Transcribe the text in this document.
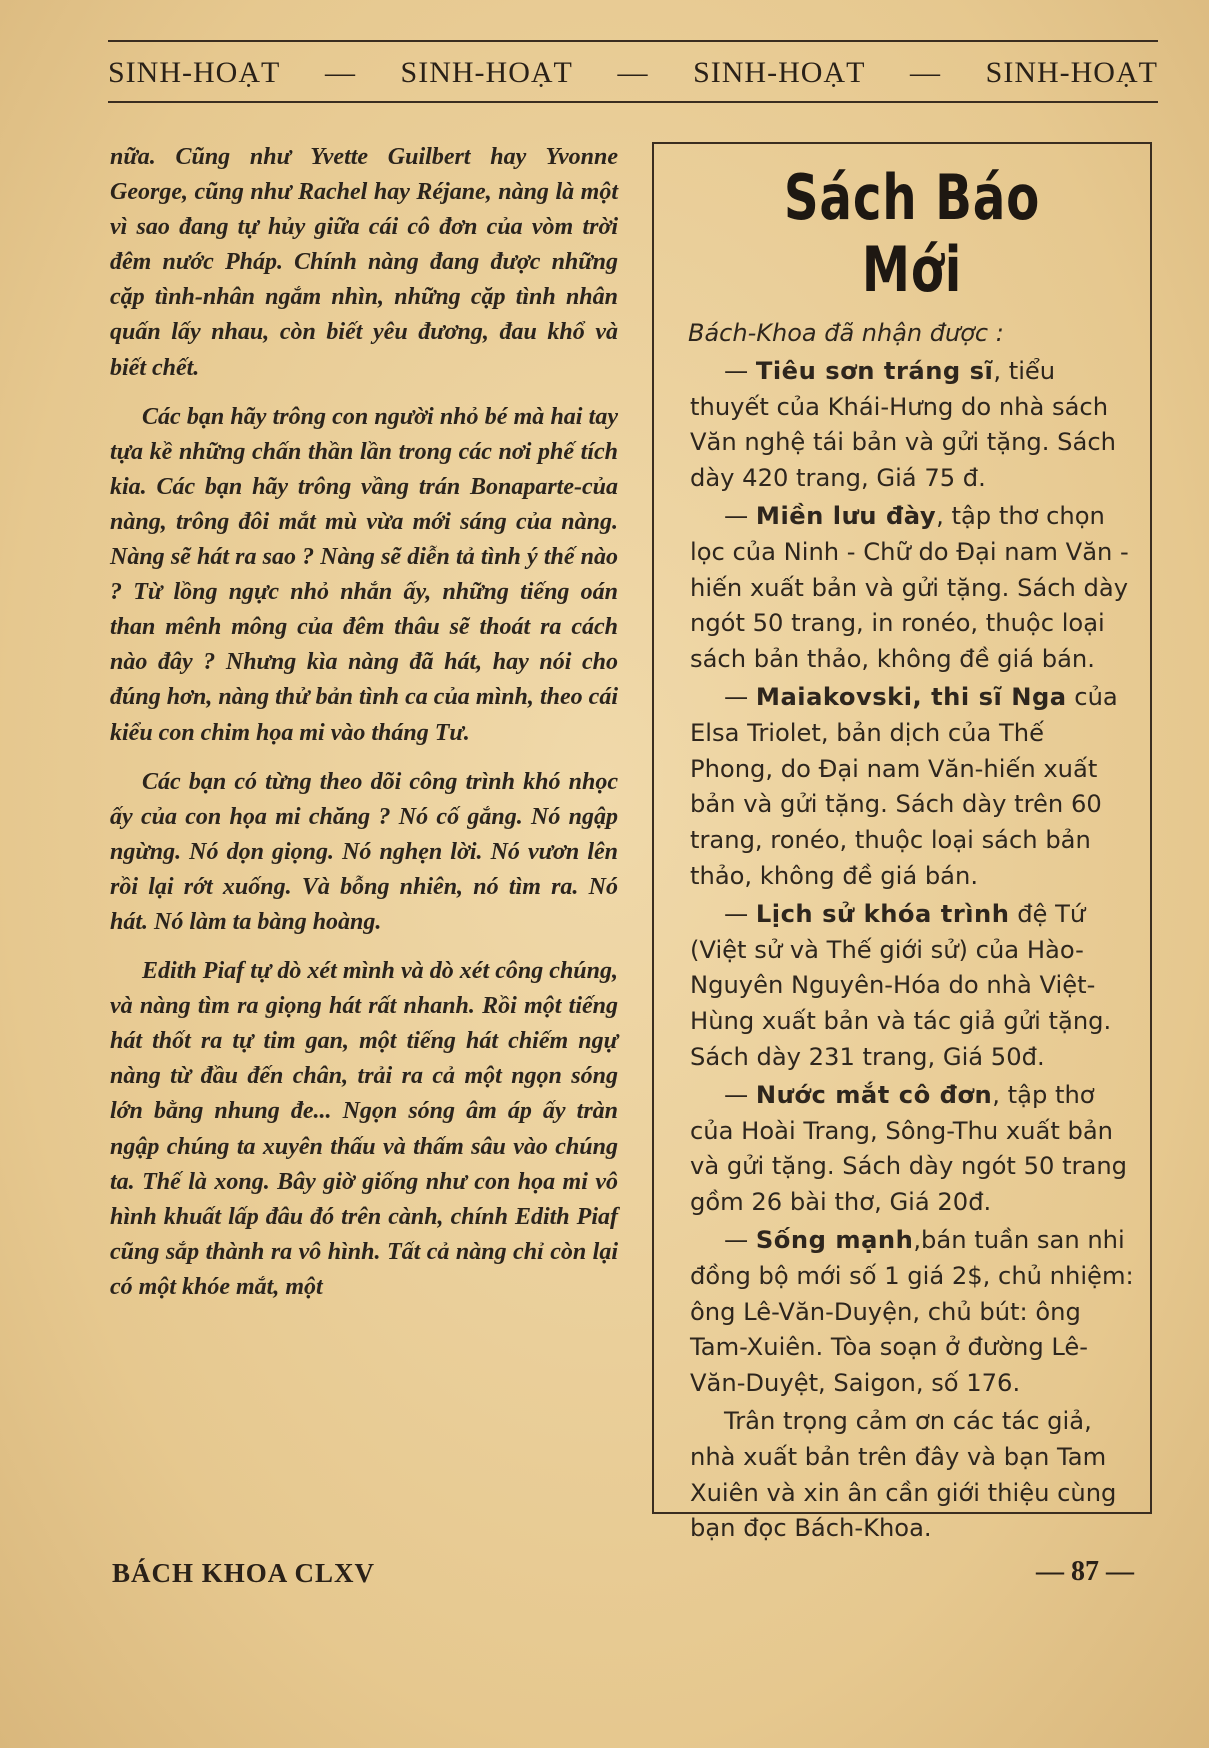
SINH-HOẠT — SINH-HOẠT — SINH-HOẠT — SINH-HOẠT

nữa. Cũng như Yvette Guilbert hay Yvonne George, cũng như Rachel hay Réjane, nàng là một vì sao đang tự hủy giữa cái cô đơn của vòm trời đêm nước Pháp. Chính nàng đang được những cặp tình-nhân ngắm nhìn, những cặp tình nhân quấn lấy nhau, còn biết yêu đương, đau khổ và biết chết.

Các bạn hãy trông con người nhỏ bé mà hai tay tựa kề những chấn thần lần trong các nơi phế tích kia. Các bạn hãy trông vầng trán Bonaparte-của nàng, trông đôi mắt mù vừa mới sáng của nàng. Nàng sẽ hát ra sao ? Nàng sẽ diễn tả tình ý thế nào ? Từ lồng ngực nhỏ nhắn ấy, những tiếng oán than mênh mông của đêm thâu sẽ thoát ra cách nào đây ? Nhưng kìa nàng đã hát, hay nói cho đúng hơn, nàng thử bản tình ca của mình, theo cái kiểu con chim họa mi vào tháng Tư.

Các bạn có từng theo dõi công trình khó nhọc ấy của con họa mi chăng ? Nó cố gắng. Nó ngập ngừng. Nó dọn giọng. Nó nghẹn lời. Nó vươn lên rồi lại rớt xuống. Và bỗng nhiên, nó tìm ra. Nó hát. Nó làm ta bàng hoàng.

Edith Piaf tự dò xét mình và dò xét công chúng, và nàng tìm ra giọng hát rất nhanh. Rồi một tiếng hát thốt ra tự tim gan, một tiếng hát chiếm ngự nàng từ đầu đến chân, trải ra cả một ngọn sóng lớn bằng nhung đe... Ngọn sóng âm áp ấy tràn ngập chúng ta xuyên thấu và thấm sâu vào chúng ta. Thế là xong. Bây giờ giống như con họa mi vô hình khuất lấp đâu đó trên cành, chính Edith Piaf cũng sắp thành ra vô hình. Tất cả nàng chỉ còn lại có một khóe mắt, một

Sách Báo Mới
Bách-Khoa đã nhận được :

— Tiêu sơn tráng sĩ, tiểu thuyết của Khái-Hưng do nhà sách Văn nghệ tái bản và gửi tặng. Sách dày 420 trang, Giá 75 đ.

— Miền lưu đày, tập thơ chọn lọc của Ninh - Chữ do Đại nam Văn - hiến xuất bản và gửi tặng. Sách dày ngót 50 trang, in ronéo, thuộc loại sách bản thảo, không đề giá bán.

— Maiakovski, thi sĩ Nga của Elsa Triolet, bản dịch của Thế Phong, do Đại nam Văn-hiến xuất bản và gửi tặng. Sách dày trên 60 trang, ronéo, thuộc loại sách bản thảo, không đề giá bán.

— Lịch sử khóa trình đệ Tứ (Việt sử và Thế giới sử) của Hào-Nguyên Nguyên-Hóa do nhà Việt-Hùng xuất bản và tác giả gửi tặng. Sách dày 231 trang, Giá 50đ.

— Nước mắt cô đơn, tập thơ của Hoài Trang, Sông-Thu xuất bản và gửi tặng. Sách dày ngót 50 trang gồm 26 bài thơ, Giá 20đ.

— Sống mạnh,bán tuần san nhi đồng bộ mới số 1 giá 2$, chủ nhiệm: ông Lê-Văn-Duyện, chủ bút: ông Tam-Xuiên. Tòa soạn ở đường Lê-Văn-Duyệt, Saigon, số 176.

Trân trọng cảm ơn các tác giả, nhà xuất bản trên đây và bạn Tam Xuiên và xin ân cần giới thiệu cùng bạn đọc Bách-Khoa.

BÁCH KHOA CLXV	— 87 —
